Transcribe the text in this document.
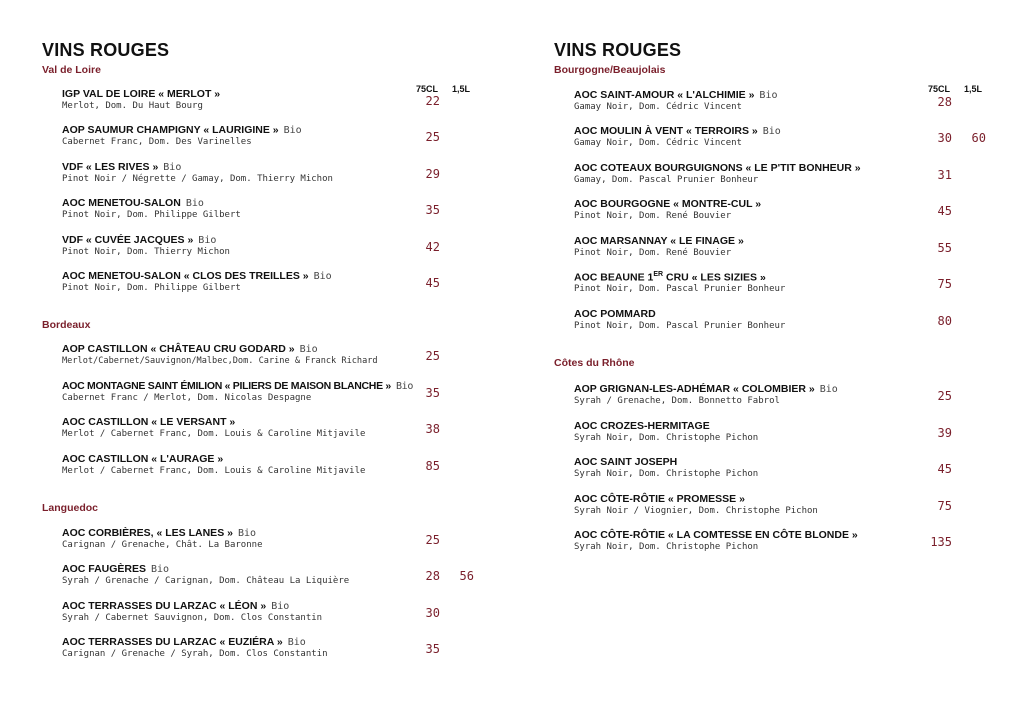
VINS ROUGES
Val de Loire
75CL 1,5L
IGP VAL DE LOIRE « MERLOT »
Merlot, Dom. Du Haut Bourg	22
AOP SAUMUR CHAMPIGNY « LAURIGINE » Bio
Cabernet Franc, Dom. Des Varinelles	25
VDF « LES RIVES » Bio
Pinot Noir / Négrette / Gamay, Dom. Thierry Michon	29
AOC MENETOU-SALON Bio
Pinot Noir, Dom. Philippe Gilbert	35
VDF « CUVÉE JACQUES » Bio
Pinot Noir, Dom. Thierry Michon	42
AOC MENETOU-SALON « CLOS DES TREILLES » Bio
Pinot Noir, Dom. Philippe Gilbert	45
Bordeaux
AOP CASTILLON « CHÂTEAU CRU GODARD » Bio
Merlot/Cabernet/Sauvignon/Malbec,Dom. Carine & Franck Richard	25
AOC MONTAGNE SAINT ÉMILION « PILIERS DE MAISON BLANCHE » Bio
Cabernet Franc / Merlot, Dom. Nicolas Despagne	35
AOC CASTILLON « LE VERSANT »
Merlot / Cabernet Franc, Dom. Louis & Caroline Mitjavile	38
AOC CASTILLON « L'AURAGE »
Merlot / Cabernet Franc, Dom. Louis & Caroline Mitjavile	85
Languedoc
AOC CORBIÈRES, « LES LANES » Bio
Carignan / Grenache, Chât. La Baronne	25
AOC FAUGÈRES Bio
Syrah / Grenache / Carignan, Dom. Château La Liquière	28	56
AOC TERRASSES DU LARZAC « LÉON » Bio
Syrah / Cabernet Sauvignon, Dom. Clos Constantin	30
AOC TERRASSES DU LARZAC « EUZIÉRA » Bio
Carignan / Grenache / Syrah, Dom. Clos Constantin	35
VINS ROUGES
Bourgogne/Beaujolais
75CL 1,5L
AOC SAINT-AMOUR « L'ALCHIMIE » Bio
Gamay Noir, Dom. Cédric Vincent	28
AOC MOULIN À VENT « TERROIRS » Bio
Gamay Noir, Dom. Cédric Vincent	30	60
AOC COTEAUX BOURGUIGNONS « LE P'TIT BONHEUR »
Gamay, Dom. Pascal Prunier Bonheur	31
AOC BOURGOGNE « MONTRE-CUL »
Pinot Noir, Dom. René Bouvier	45
AOC MARSANNAY « LE FINAGE »
Pinot Noir, Dom. René Bouvier	55
AOC BEAUNE 1ER CRU « LES SIZIES »
Pinot Noir, Dom. Pascal Prunier Bonheur	75
AOC POMMARD
Pinot Noir, Dom. Pascal Prunier Bonheur	80
Côtes du Rhône
AOP GRIGNAN-LES-ADHÉMAR « COLOMBIER » Bio
Syrah / Grenache, Dom. Bonnetto Fabrol	25
AOC CROZES-HERMITAGE
Syrah Noir, Dom. Christophe Pichon	39
AOC SAINT JOSEPH
Syrah Noir, Dom. Christophe Pichon	45
AOC CÔTE-RÔTIE « PROMESSE »
Syrah Noir / Viognier, Dom. Christophe Pichon	75
AOC CÔTE-RÔTIE « LA COMTESSE EN CÔTE BLONDE »
Syrah Noir, Dom. Christophe Pichon	135
